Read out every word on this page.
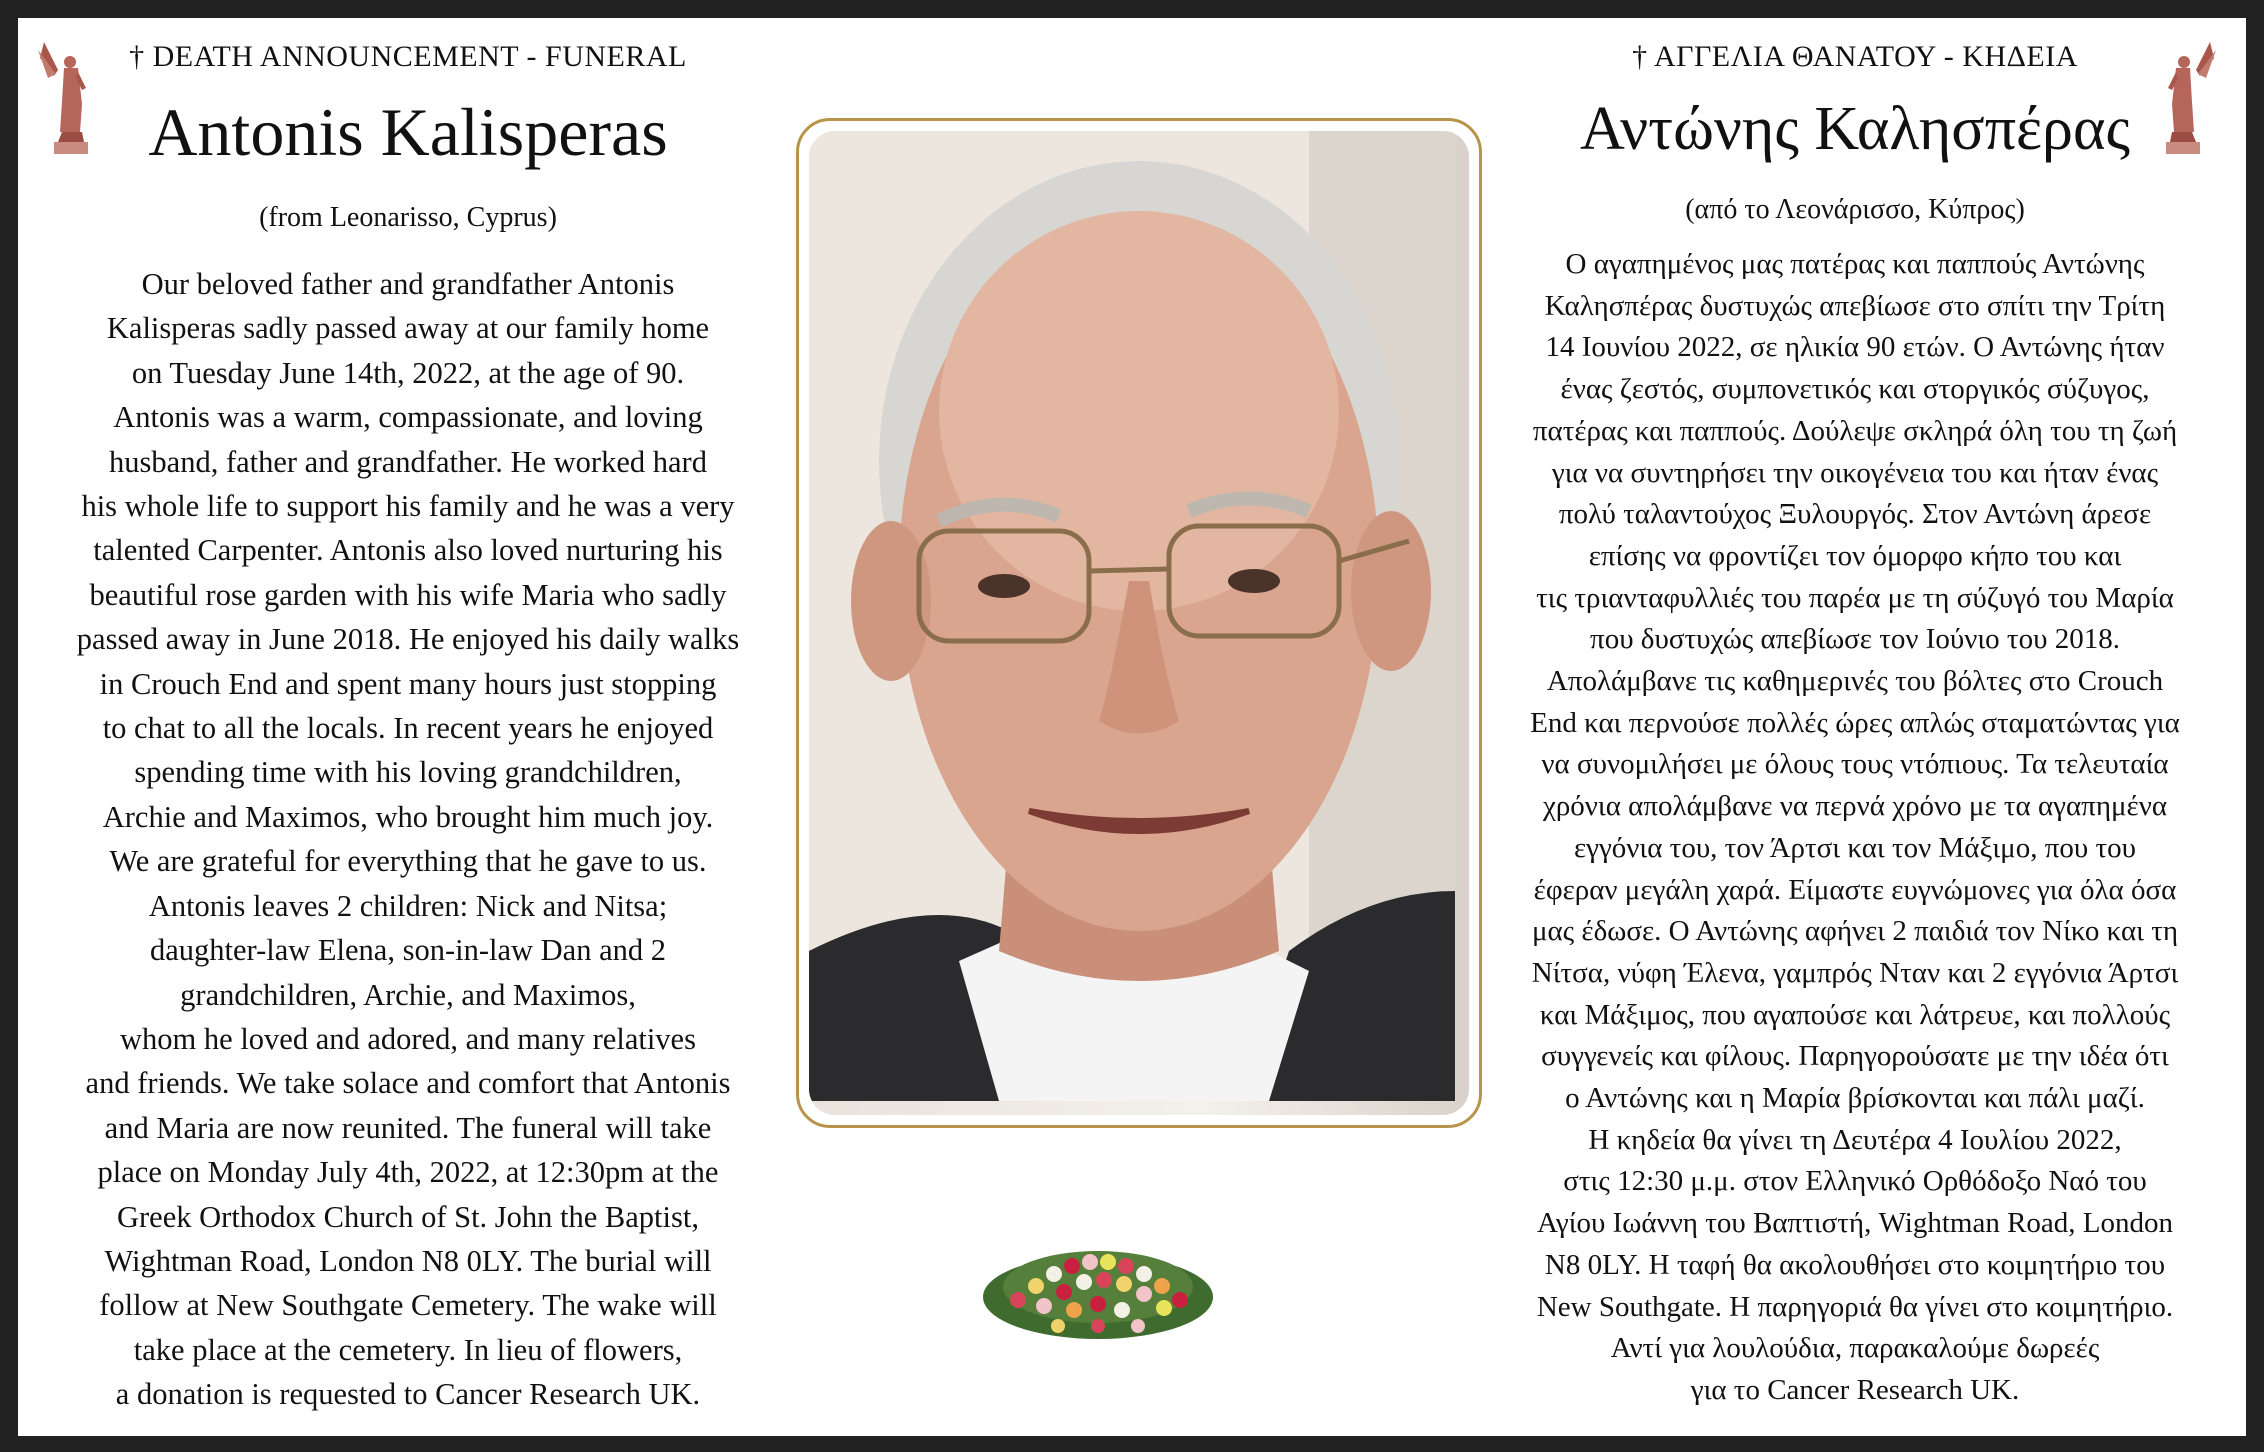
† DEATH ANNOUNCEMENT - FUNERAL
Antonis Kalisperas
(from Leonarisso, Cyprus)
Our beloved father and grandfather Antonis
Kalisperas sadly passed away at our family home
on Tuesday June 14th, 2022, at the age of 90.
Antonis was a warm, compassionate, and loving
husband, father and grandfather. He worked hard
his whole life to support his family and he was a very
talented Carpenter. Antonis also loved nurturing his
beautiful rose garden with his wife Maria who sadly
passed away in June 2018. He enjoyed his daily walks
in Crouch End and spent many hours just stopping
to chat to all the locals. In recent years he enjoyed
spending time with his loving grandchildren,
Archie and Maximos, who brought him much joy.
We are grateful for everything that he gave to us.
Antonis leaves 2 children: Nick and Nitsa;
daughter-law Elena, son-in-law Dan and 2
grandchildren, Archie, and Maximos,
whom he loved and adored, and many relatives
and friends. We take solace and comfort that Antonis
and Maria are now reunited. The funeral will take
place on Monday July 4th, 2022, at 12:30pm at the
Greek Orthodox Church of St. John the Baptist,
Wightman Road, London N8 0LY. The burial will
follow at New Southgate Cemetery. The wake will
take place at the cemetery. In lieu of flowers,
a donation is requested to Cancer Research UK.
† ΑΓΓΕΛΙΑ ΘΑΝΑΤΟΥ - ΚΗΔΕΙΑ
Αντώνης Καλησπέρας
(από το Λεονάρισσο, Κύπρος)
Ο αγαπημένος μας πατέρας και παππούς Αντώνης
Καλησπέρας δυστυχώς απεβίωσε στο σπίτι την Τρίτη
14 Ιουνίου 2022, σε ηλικία 90 ετών. Ο Αντώνης ήταν
ένας ζεστός, συμπονετικός και στοργικός σύζυγος,
πατέρας και παππούς. Δούλεψε σκληρά όλη του τη ζωή
για να συντηρήσει την οικογένεια του και ήταν ένας
πολύ ταλαντούχος Ξυλουργός. Στον Αντώνη άρεσε
επίσης να φροντίζει τον όμορφο κήπο του και
τις τριανταφυλλιές του παρέα με τη σύζυγό του Μαρία
που δυστυχώς απεβίωσε τον Ιούνιο του 2018.
Απολάμβανε τις καθημερινές του βόλτες στο Crouch
End και περνούσε πολλές ώρες απλώς σταματώντας για
να συνομιλήσει με όλους τους ντόπιους. Τα τελευταία
χρόνια απολάμβανε να περνά χρόνο με τα αγαπημένα
εγγόνια του, τον Άρτσι και τον Μάξιμο, που του
έφεραν μεγάλη χαρά. Είμαστε ευγνώμονες για όλα όσα
μας έδωσε. Ο Αντώνης αφήνει 2 παιδιά τον Νίκο και τη
Νίτσα, νύφη Έλενα, γαμπρός Νταν και 2 εγγόνια Άρτσι
και Μάξιμος, που αγαπούσε και λάτρευε, και πολλούς
συγγενείς και φίλους. Παρηγορούσατε με την ιδέα ότι
ο Αντώνης και η Μαρία βρίσκονται και πάλι μαζί.
Η κηδεία θα γίνει τη Δευτέρα 4 Ιουλίου 2022,
στις 12:30 μ.μ. στον Ελληνικό Ορθόδοξο Ναό του
Αγίου Ιωάννη του Βαπτιστή, Wightman Road, London
N8 0LY. Η ταφή θα ακολουθήσει στο κοιμητήριο του
New Southgate. Η παρηγοριά θα γίνει στο κοιμητήριο.
Αντί για λουλούδια, παρακαλούμε δωρεές
για το Cancer Research UK.
